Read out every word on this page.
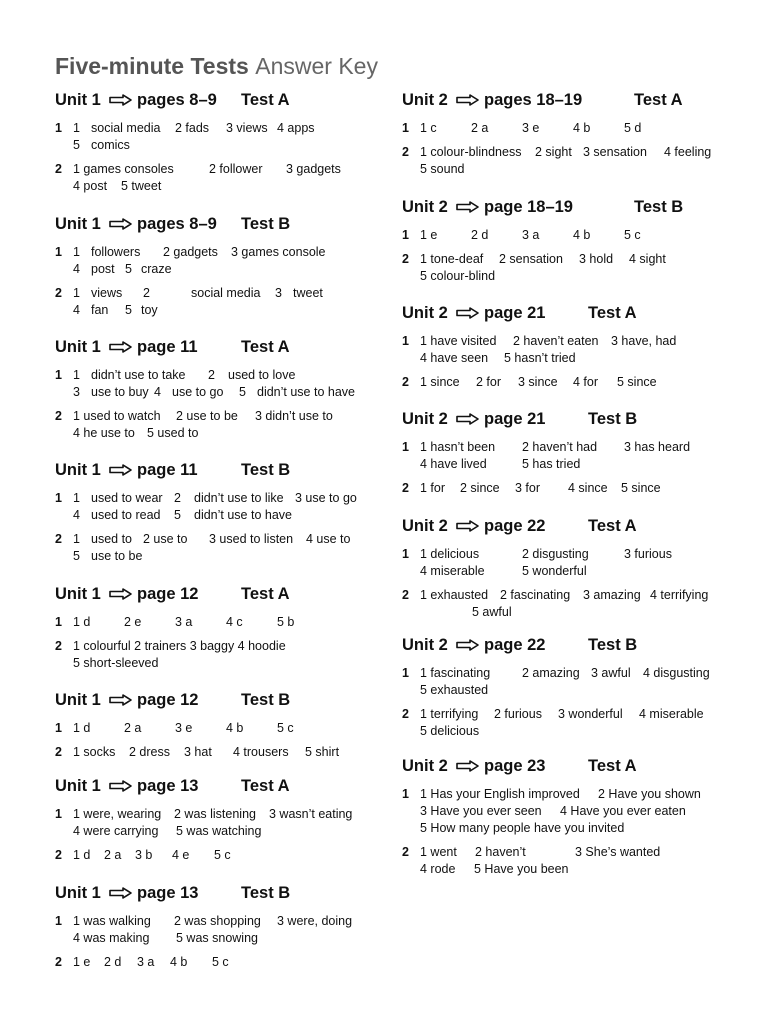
Five-minute Tests Answer Key
Unit 1 pages 8–9 Test A
1 1 social media 2 fads 3 views 4 apps
5 comics
2 1 games consoles	2 follower 3 gadgets
4 post 5 tweet
Unit 1 pages 8–9 Test B
1 1 followers 2 gadgets 3 games console
4 post 5 craze
2 1 views 2	social media 3 tweet
4 fan 5 toy
Unit 1 page 11	Test A
1 1 didn’t use to take 2 used to love
3 use to buy 4 use to go 5 didn’t use to have
2 1 used to watch 2 use to be 3 didn’t use to
4 he use to 5 used to
Unit 1 page 11	Test B
1 1 used to wear 2 didn’t use to like 3 use to go
4 used to read 5 didn’t use to have
2 1 used to 2 use to 3 used to listen 4 use to
5 use to be
Unit 1 page 12	Test A
1 1 d	2 e	3 a	4 c	5 b
2 1 colourful 2 trainers 3 baggy 4 hoodie
5 short-sleeved
Unit 1 page 12	Test B
1 1 d	2 a	3 e	4 b	5 c
2 1 socks 2 dress 3 hat 4 trousers 5 shirt
Unit 1 page 13	Test A
1 1 were, wearing 2 was listening 3 wasn’t eating
4 were carrying 5 was watching
2 1 d 2 a 3 b 4 e 5 c
Unit 1 page 13	Test B
1 1 was walking 2 was shopping 3 were, doing
4 was making 5 was snowing
2 1 e 2 d 3 a 4 b 5 c
Unit 2 pages 18–19	Test A
1 1 c	2 a	3 e	4 b	5 d
2 1 colour-blindness 2 sight 3 sensation 4 feeling
5 sound
Unit 2 page 18–19	Test B
1 1 e	2 d	3 a	4 b	5 c
2 1 tone-deaf 2 sensation 3 hold 4 sight
5 colour-blind
Unit 2 page 21	Test A
1 1 have visited 2 haven’t eaten 3 have, had
4 have seen 5 hasn’t tried
2 1 since 2 for 3 since 4 for 5 since
Unit 2 page 21	Test B
1 1 hasn’t been 2 haven’t had 3 has heard
4 have lived	5 has tried
2 1 for 2 since 3 for 4 since 5 since
Unit 2 page 22	Test A
1 1 delicious	2 disgusting	3 furious
4 miserable	5 wonderful
2 1 exhausted 2 fascinating 3 amazing 4 terrifying
5 awful
Unit 2 page 22	Test B
1 1 fascinating	2 amazing 3 awful 4 disgusting
5 exhausted
2 1 terrifying 2 furious 3 wonderful 4 miserable
5 delicious
Unit 2 page 23	Test A
1 1 Has your English improved 2 Have you shown
3 Have you ever seen 4 Have you ever eaten
5 How many people have you invited
2 1 went 2 haven’t	3 She’s wanted
4 rode 5 Have you been
